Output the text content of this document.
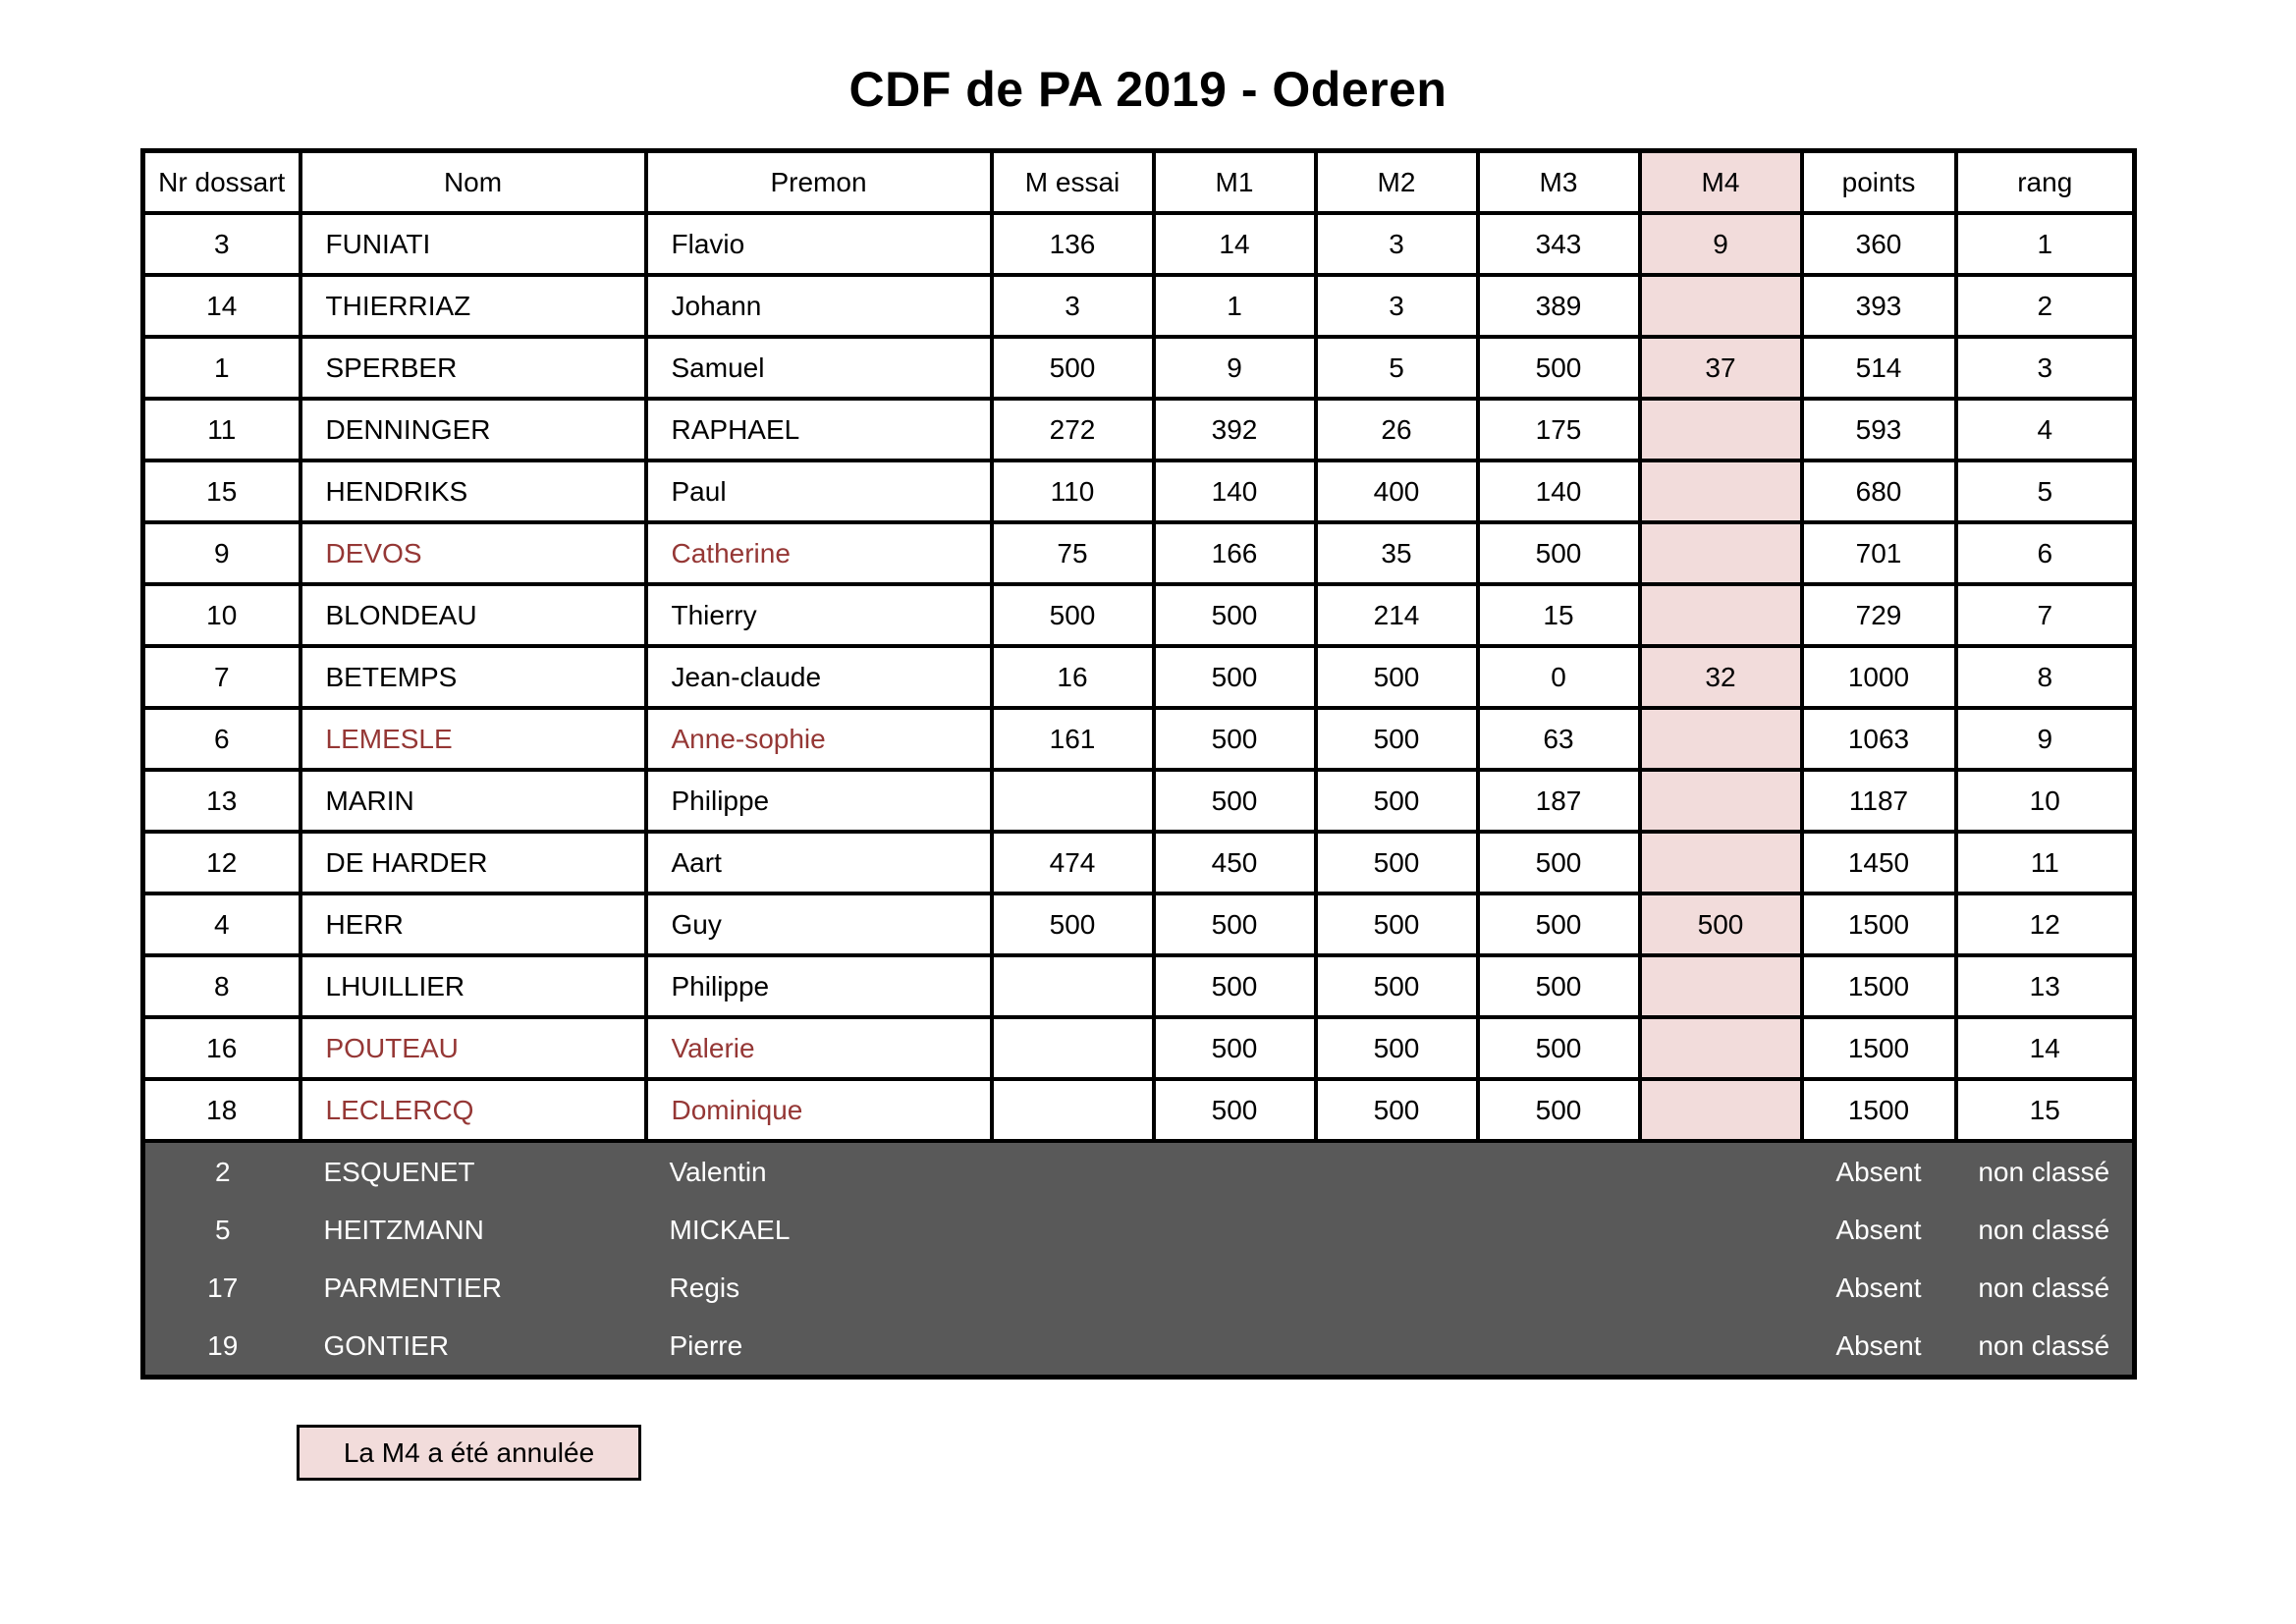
CDF de PA 2019 - Oderen
Nr dossart	Nom	Premon	M essai	M1	M2	M3	M4	points	rang
3	FUNIATI	Flavio	136	14	3	343	9	360	1
14	THIERRIAZ	Johann	3	1	3	389		393	2
1	SPERBER	Samuel	500	9	5	500	37	514	3
11	DENNINGER	RAPHAEL	272	392	26	175		593	4
15	HENDRIKS	Paul	110	140	400	140		680	5
9	DEVOS	Catherine	75	166	35	500		701	6
10	BLONDEAU	Thierry	500	500	214	15		729	7
7	BETEMPS	Jean-claude	16	500	500	0	32	1000	8
6	LEMESLE	Anne-sophie	161	500	500	63		1063	9
13	MARIN	Philippe		500	500	187		1187	10
12	DE HARDER	Aart	474	450	500	500		1450	11
4	HERR	Guy	500	500	500	500	500	1500	12
8	LHUILLIER	Philippe		500	500	500		1500	13
16	POUTEAU	Valerie		500	500	500		1500	14
18	LECLERCQ	Dominique		500	500	500		1500	15
2	ESQUENET	Valentin						Absent	non classé
5	HEITZMANN	MICKAEL						Absent	non classé
17	PARMENTIER	Regis						Absent	non classé
19	GONTIER	Pierre						Absent	non classé
La M4 a été annulée
